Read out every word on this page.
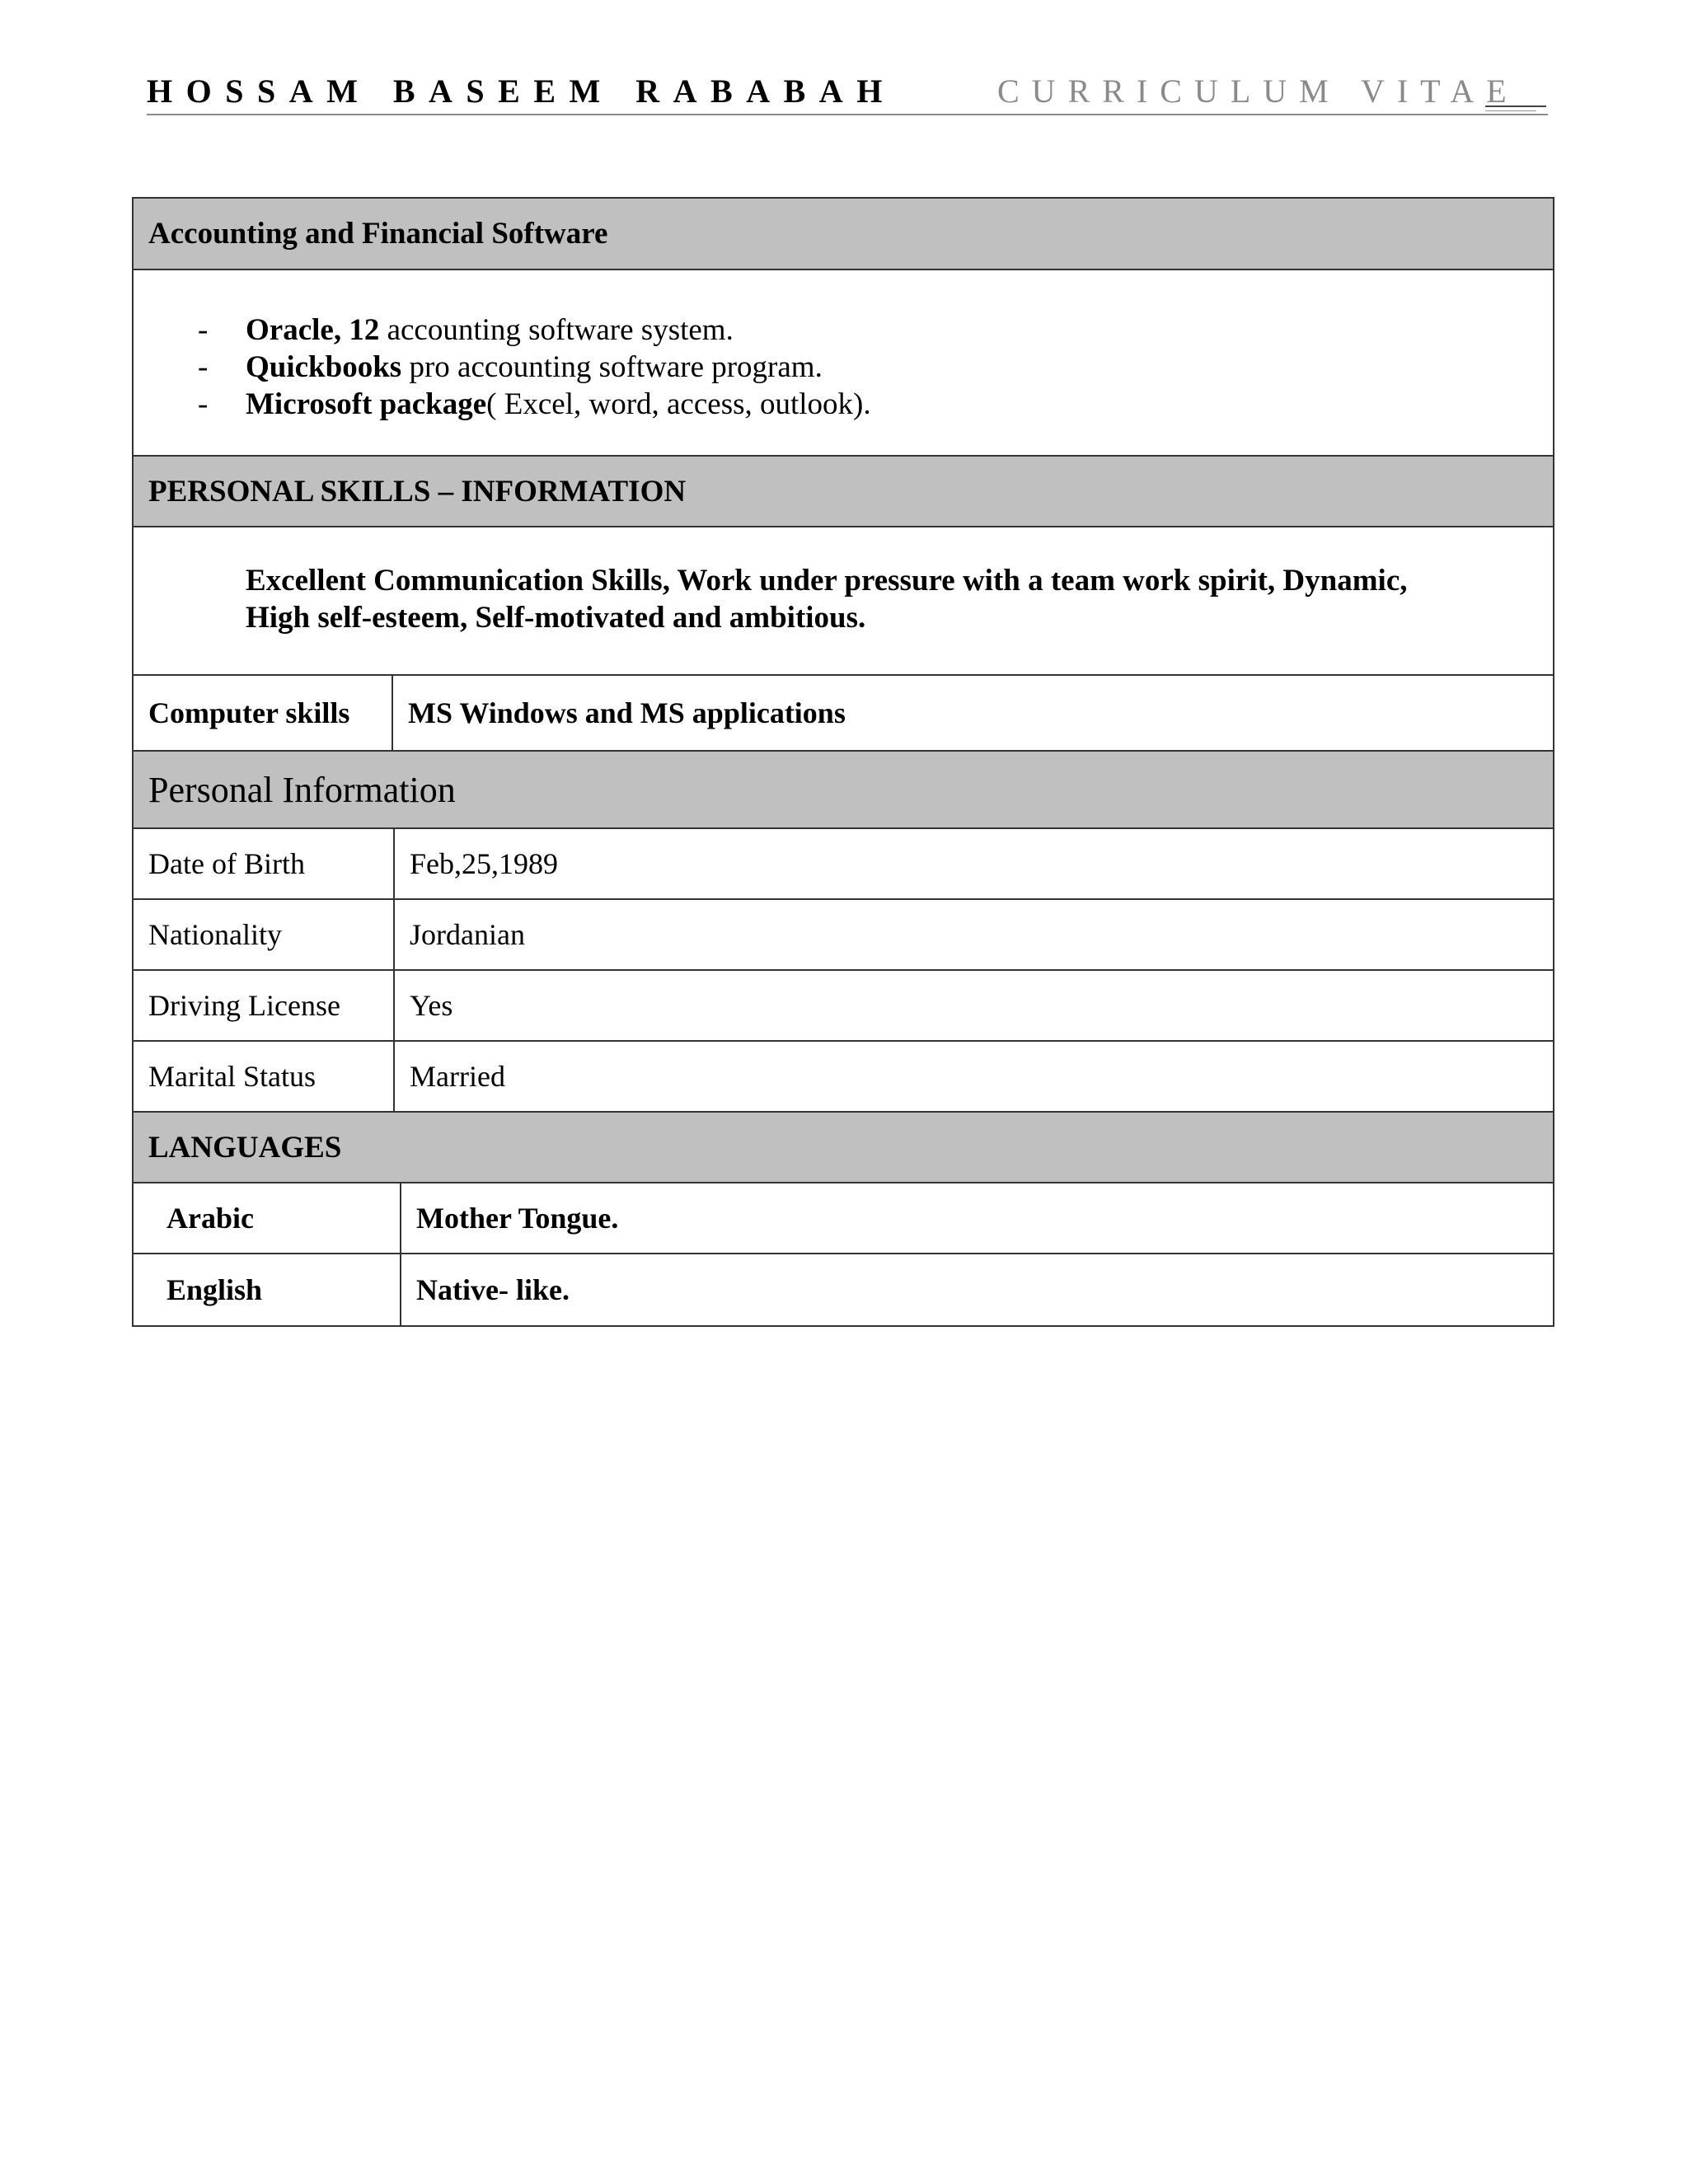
HOSSAM BASEEM RABABAH	CURRICULUM VITAE
Accounting and Financial Software
- Oracle, 12 accounting software system.
- Quickbooks pro accounting software program.
- Microsoft package( Excel, word, access, outlook).
PERSONAL SKILLS – INFORMATION
Excellent Communication Skills, Work under pressure with a team work spirit, Dynamic,
High self-esteem, Self-motivated and ambitious.
Computer skills	MS Windows and MS applications
Personal Information
Date of Birth	Feb,25,1989
Nationality	Jordanian
Driving License	Yes
Marital Status	Married
LANGUAGES
Arabic	Mother Tongue.
English	Native- like.
